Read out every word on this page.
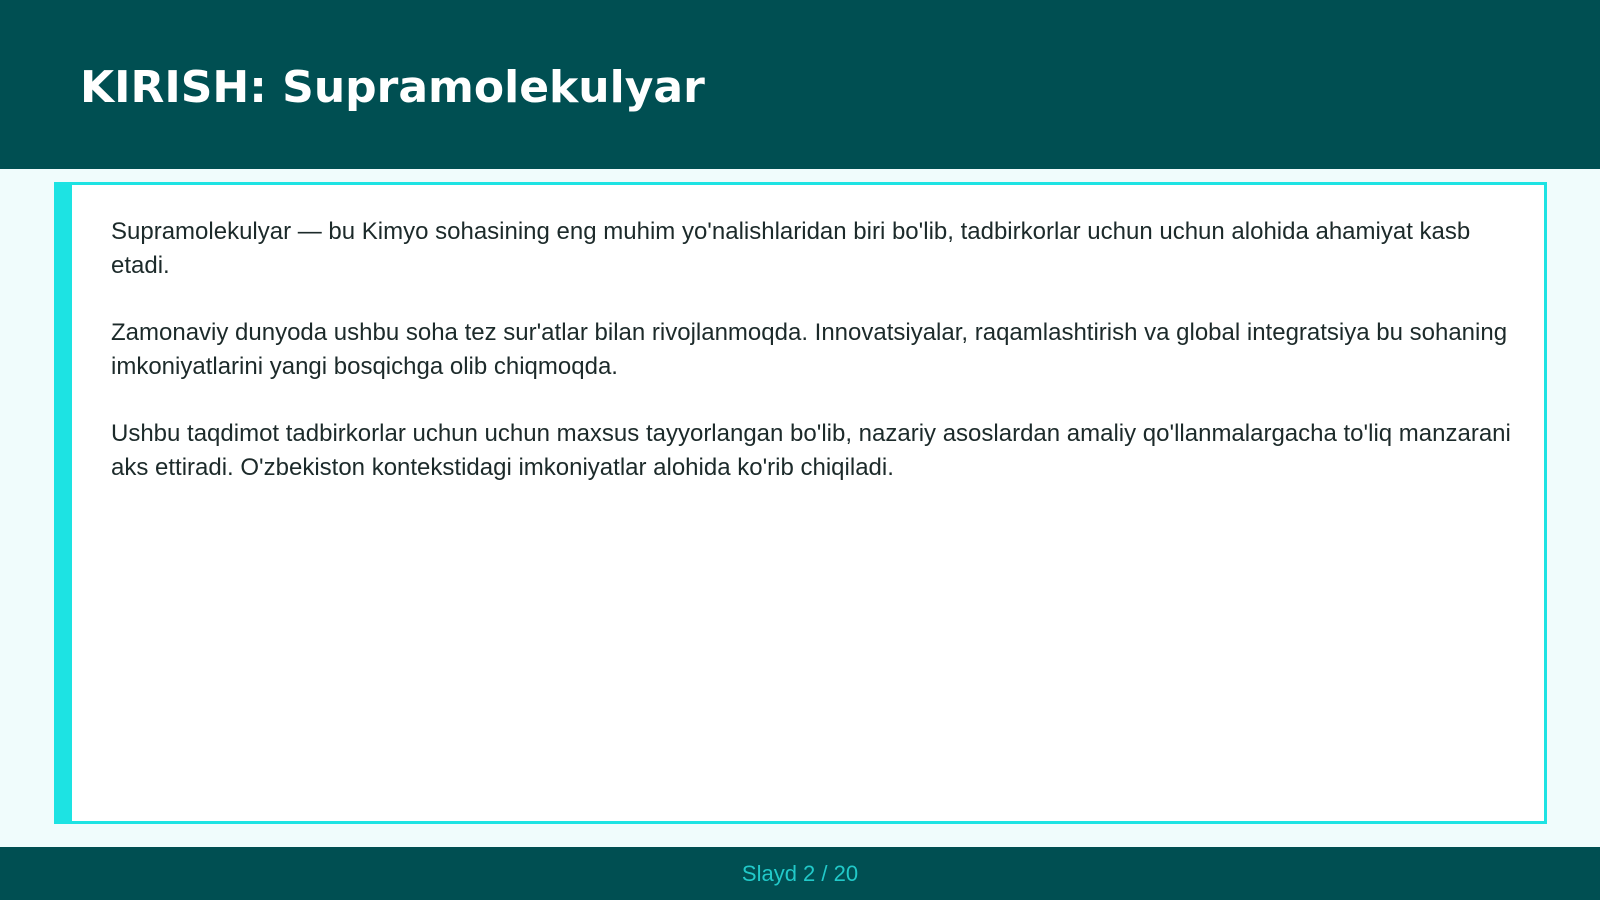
KIRISH: Supramolekulyar

Supramolekulyar — bu Kimyo sohasining eng muhim yo'nalishlaridan biri bo'lib, tadbirkorlar uchun uchun alohida ahamiyat kasb etadi.

Zamonaviy dunyoda ushbu soha tez sur'atlar bilan rivojlanmoqda. Innovatsiyalar, raqamlashtirish va global integratsiya bu sohaning imkoniyatlarini yangi bosqichga olib chiqmoqda.

Ushbu taqdimot tadbirkorlar uchun uchun maxsus tayyorlangan bo'lib, nazariy asoslardan amaliy qo'llanmalargacha to'liq manzarani aks ettiradi. O'zbekiston kontekstidagi imkoniyatlar alohida ko'rib chiqiladi.

Slayd 2 / 20
